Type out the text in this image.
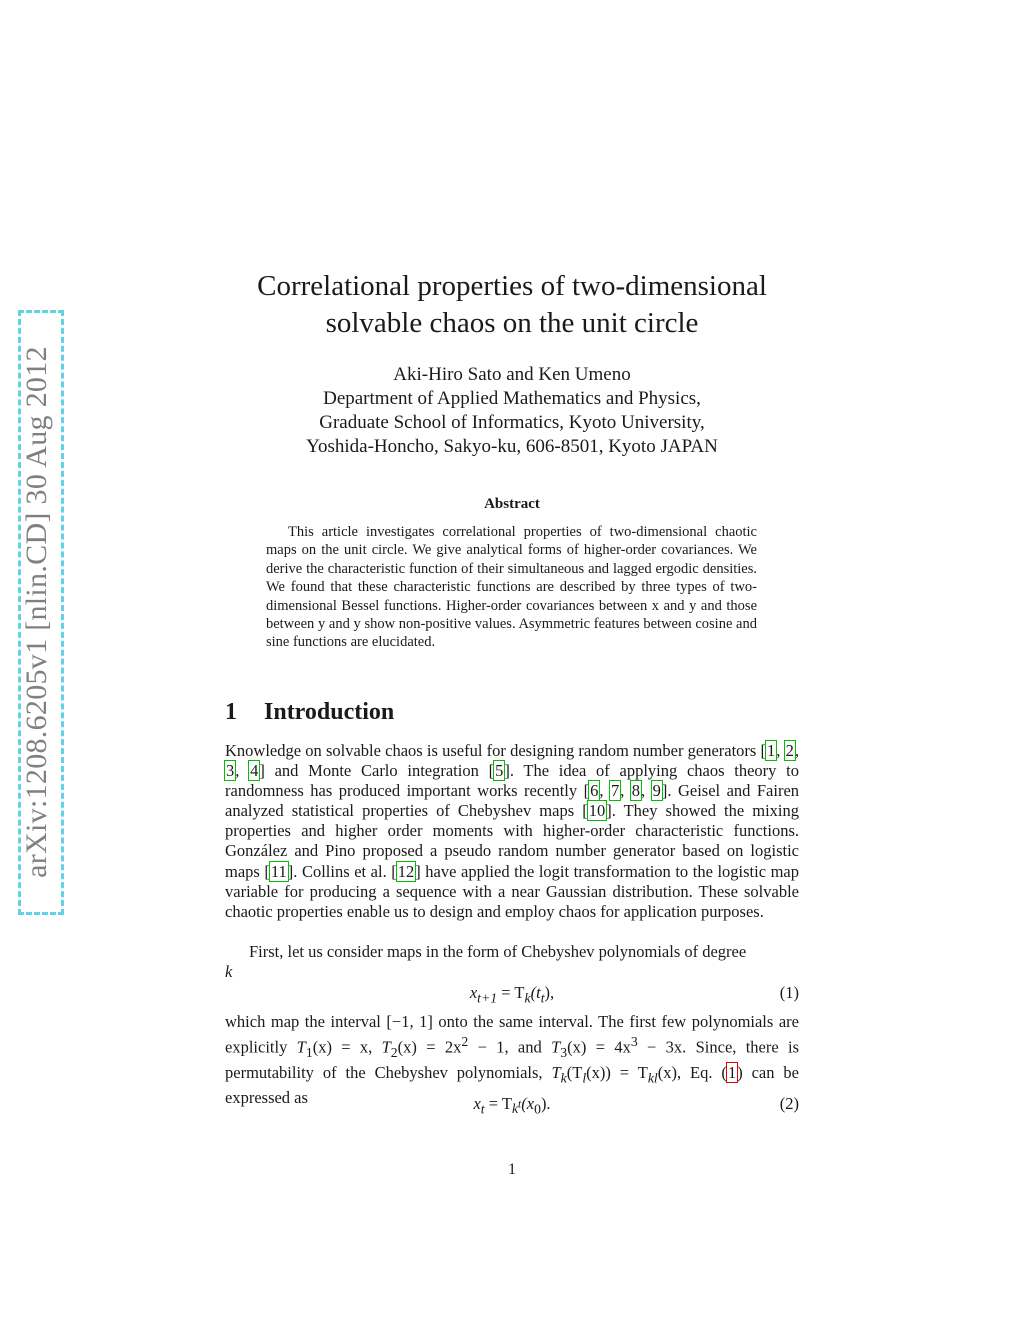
arXiv:1208.6205v1 [nlin.CD] 30 Aug 2012
Correlational properties of two-dimensional
solvable chaos on the unit circle
Aki-Hiro Sato and Ken Umeno
Department of Applied Mathematics and Physics,
Graduate School of Informatics, Kyoto University,
Yoshida-Honcho, Sakyo-ku, 606-8501, Kyoto JAPAN
Abstract
This article investigates correlational properties of two-dimensional chaotic maps on the unit circle. We give analytical forms of higher-order covariances. We derive the characteristic function of their simultaneous and lagged ergodic densities. We found that these characteristic functions are described by three types of two-dimensional Bessel functions. Higher-order covariances between x and y and those between y and y show non-positive values. Asymmetric features between cosine and sine functions are elucidated.
1 Introduction
Knowledge on solvable chaos is useful for designing random number generators [1, 2, 3, 4] and Monte Carlo integration [5]. The idea of applying chaos theory to randomness has produced important works recently [6, 7, 8, 9]. Geisel and Fairen analyzed statistical properties of Chebyshev maps [10]. They showed the mixing properties and higher order moments with higher-order characteristic functions. González and Pino proposed a pseudo random number generator based on logistic maps [11]. Collins et al. [12] have applied the logit transformation to the logistic map variable for producing a sequence with a near Gaussian distribution. These solvable chaotic properties enable us to design and employ chaos for application purposes.
First, let us consider maps in the form of Chebyshev polynomials of degree
k
$x_{t+1} = T_k(t_t)$,	(1)
which map the interval [−1, 1] onto the same interval. The first few polynomials are explicitly $T_1(x) = x$, $T_2(x) = 2x^2 - 1$, and $T_3(x) = 4x^3 - 3x$. Since, there is permutability of the Chebyshev polynomials, $T_k(T_l(x)) = T_{kl}(x)$, Eq. (1) can be expressed as	$x_t = T_{k^t}(x_0)$.	(2)
1
